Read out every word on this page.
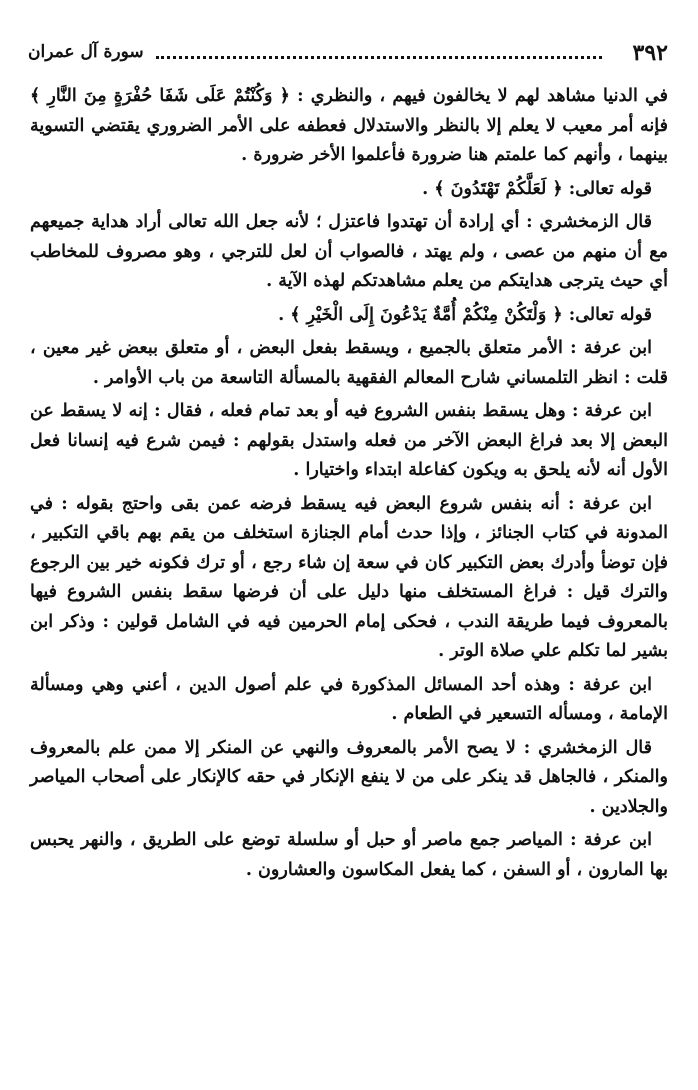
سورة آل عمران	٣٩٢

في الدنيا مشاهد لهم لا يخالفون فيهم ، والنظري : ﴿ وَكُنْتُمْ عَلَى شَفَا حُفْرَةٍ مِنَ النَّارِ ﴾ فإنه أمر معيب لا يعلم إلا بالنظر والاستدلال فعطفه على الأمر الضروري يقتضي التسوية بينهما ، وأنهم كما علمتم هنا ضرورة فأعلموا الأخر ضرورة .

قوله تعالى: ﴿ لَعَلَّكُمْ تَهْتَدُونَ ﴾ .

قال الزمخشري : أي إرادة أن تهتدوا فاعتزل ؛ لأنه جعل الله تعالى أراد هداية جميعهم مع أن منهم من عصى ، ولم يهتد ، فالصواب أن لعل للترجي ، وهو مصروف للمخاطب أي حيث يترجى هدايتكم من يعلم مشاهدتكم لهذه الآية .

قوله تعالى: ﴿ وَلْتَكُنْ مِنْكُمْ أُمَّةٌ يَدْعُونَ إِلَى الْخَيْرِ ﴾ .

ابن عرفة : الأمر متعلق بالجميع ، ويسقط بفعل البعض ، أو متعلق ببعض غير معين ، قلت : انظر التلمساني شارح المعالم الفقهية بالمسألة التاسعة من باب الأوامر .

ابن عرفة : وهل يسقط بنفس الشروع فيه أو بعد تمام فعله ، فقال : إنه لا يسقط عن البعض إلا بعد فراغ البعض الآخر من فعله واستدل بقولهم : فيمن شرع فيه إنسانا فعل الأول أنه لأنه يلحق به ويكون كفاعلة ابتداء واختيارا .

ابن عرفة : أنه بنفس شروع البعض فيه يسقط فرضه عمن بقى واحتج بقوله : في المدونة في كتاب الجنائز ، وإذا حدث أمام الجنازة استخلف من يقم بهم باقي التكبير ، فإن توضأ وأدرك بعض التكبير كان في سعة إن شاء رجع ، أو ترك فكونه خير بين الرجوع والترك قيل : فراغ المستخلف منها دليل على أن فرضها سقط بنفس الشروع فيها بالمعروف فيما طريقة الندب ، فحكى إمام الحرمين فيه في الشامل قولين : وذكر ابن بشير لما تكلم علي صلاة الوتر .

ابن عرفة : وهذه أحد المسائل المذكورة في علم أصول الدين ، أعني وهي ومسألة الإمامة ، ومسأله التسعير في الطعام .

قال الزمخشري : لا يصح الأمر بالمعروف والنهي عن المنكر إلا ممن علم بالمعروف والمنكر ، فالجاهل قد ينكر على من لا ينفع الإنكار في حقه كالإنكار على أصحاب المياصر والجلادين .

ابن عرفة : المياصر جمع ماصر أو حبل أو سلسلة توضع على الطريق ، والنهر يحبس بها المارون ، أو السفن ، كما يفعل المكاسون والعشارون .
